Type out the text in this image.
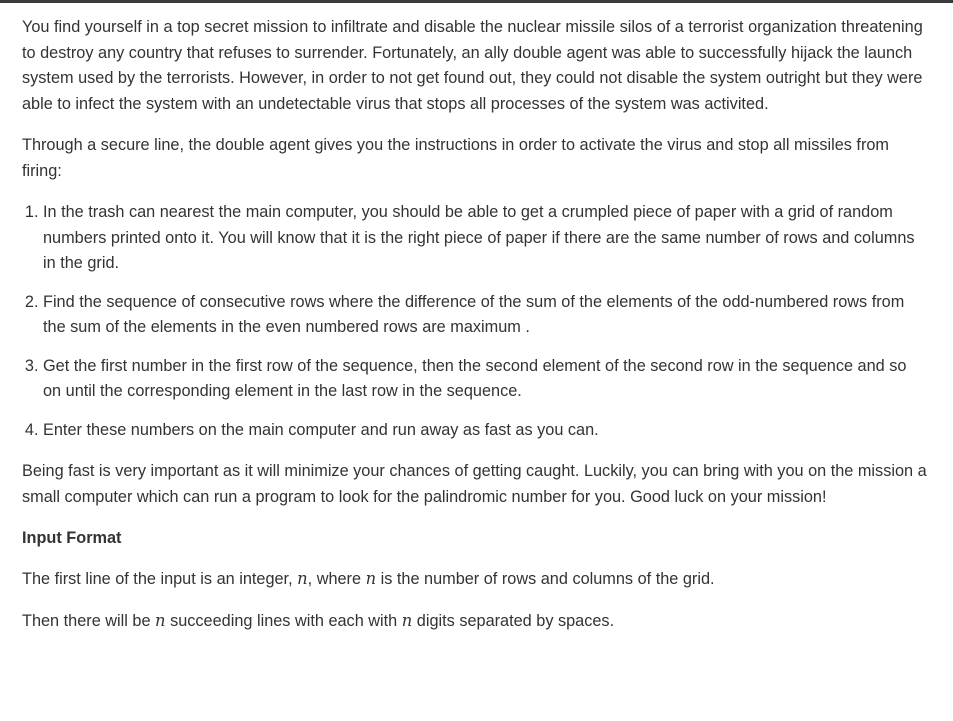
You find yourself in a top secret mission to infiltrate and disable the nuclear missile silos of a terrorist organization threatening to destroy any country that refuses to surrender. Fortunately, an ally double agent was able to successfully hijack the launch system used by the terrorists. However, in order to not get found out, they could not disable the system outright but they were able to infect the system with an undetectable virus that stops all processes of the system was activited.

Through a secure line, the double agent gives you the instructions in order to activate the virus and stop all missiles from firing:

1. In the trash can nearest the main computer, you should be able to get a crumpled piece of paper with a grid of random numbers printed onto it. You will know that it is the right piece of paper if there are the same number of rows and columns in the grid.
2. Find the sequence of consecutive rows where the difference of the sum of the elements of the odd-numbered rows from the sum of the elements in the even numbered rows are maximum .
3. Get the first number in the first row of the sequence, then the second element of the second row in the sequence and so on until the corresponding element in the last row in the sequence.
4. Enter these numbers on the main computer and run away as fast as you can.

Being fast is very important as it will minimize your chances of getting caught. Luckily, you can bring with you on the mission a small computer which can run a program to look for the palindromic number for you. Good luck on your mission!

Input Format

The first line of the input is an integer, n, where n is the number of rows and columns of the grid.

Then there will be n succeeding lines with each with n digits separated by spaces.
